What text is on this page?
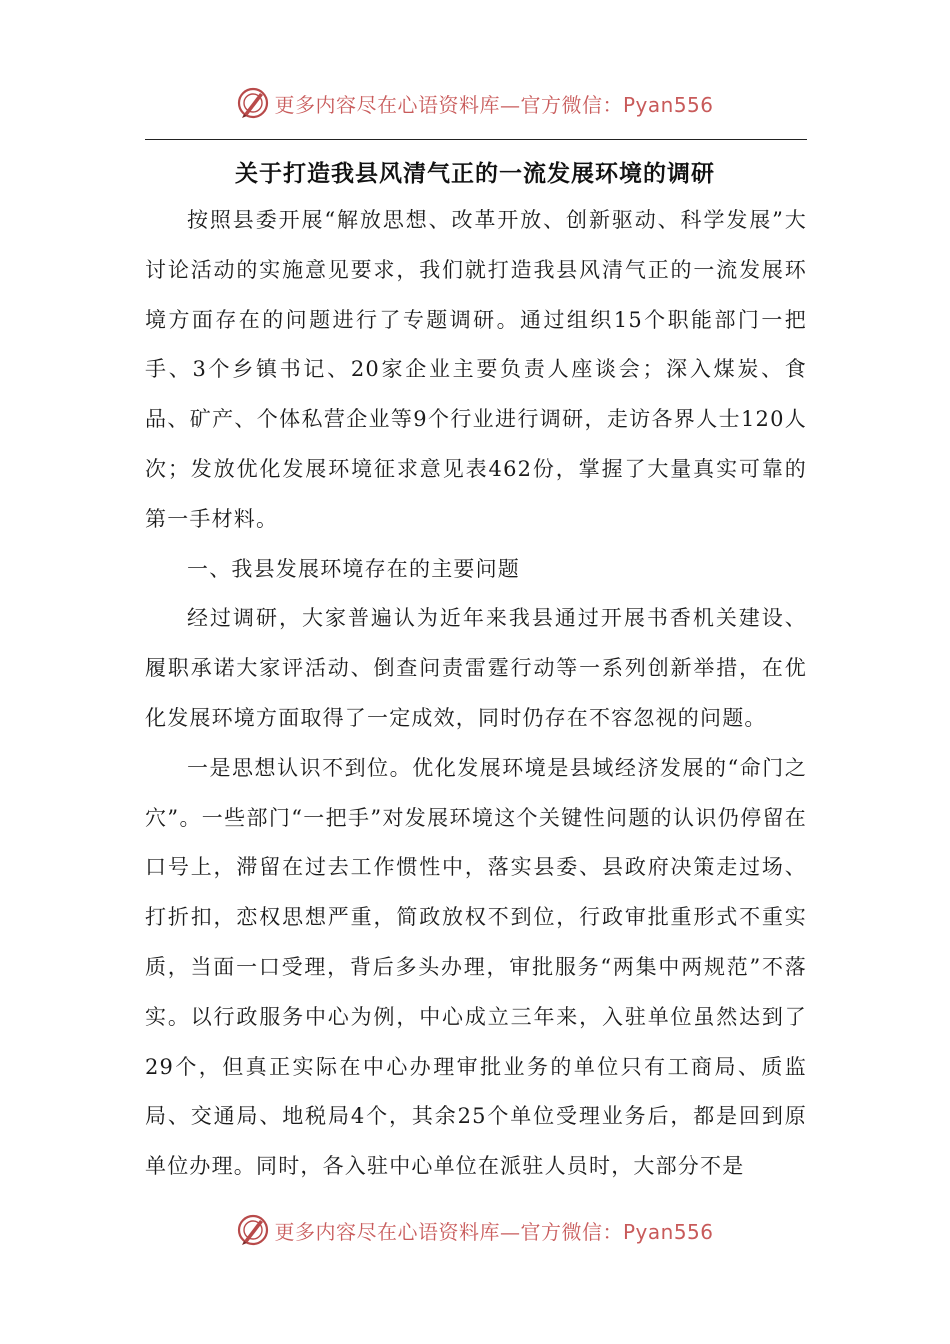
更多内容尽在心语资料库—官方微信：Pyan556
关于打造我县风清气正的一流发展环境的调研

按照县委开展“解放思想、改革开放、创新驱动、科学发展”大讨论活动的实施意见要求，我们就打造我县风清气正的一流发展环境方面存在的问题进行了专题调研。通过组织15个职能部门一把手、3个乡镇书记、20家企业主要负责人座谈会；深入煤炭、食品、矿产、个体私营企业等9个行业进行调研，走访各界人士120人次；发放优化发展环境征求意见表462份，掌握了大量真实可靠的第一手材料。

一、我县发展环境存在的主要问题

经过调研，大家普遍认为近年来我县通过开展书香机关建设、履职承诺大家评活动、倒查问责雷霆行动等一系列创新举措，在优化发展环境方面取得了一定成效，同时仍存在不容忽视的问题。

一是思想认识不到位。优化发展环境是县域经济发展的“命门之穴”。一些部门“一把手”对发展环境这个关键性问题的认识仍停留在口号上，滞留在过去工作惯性中，落实县委、县政府决策走过场、打折扣，恋权思想严重，简政放权不到位，行政审批重形式不重实质，当面一口受理，背后多头办理，审批服务“两集中两规范”不落实。以行政服务中心为例，中心成立三年来，入驻单位虽然达到了29个，但真正实际在中心办理审批业务的单位只有工商局、质监局、交通局、地税局4个，其余25个单位受理业务后，都是回到原单位办理。同时，各入驻中心单位在派驻人员时，大部分不是

更多内容尽在心语资料库—官方微信：Pyan556
